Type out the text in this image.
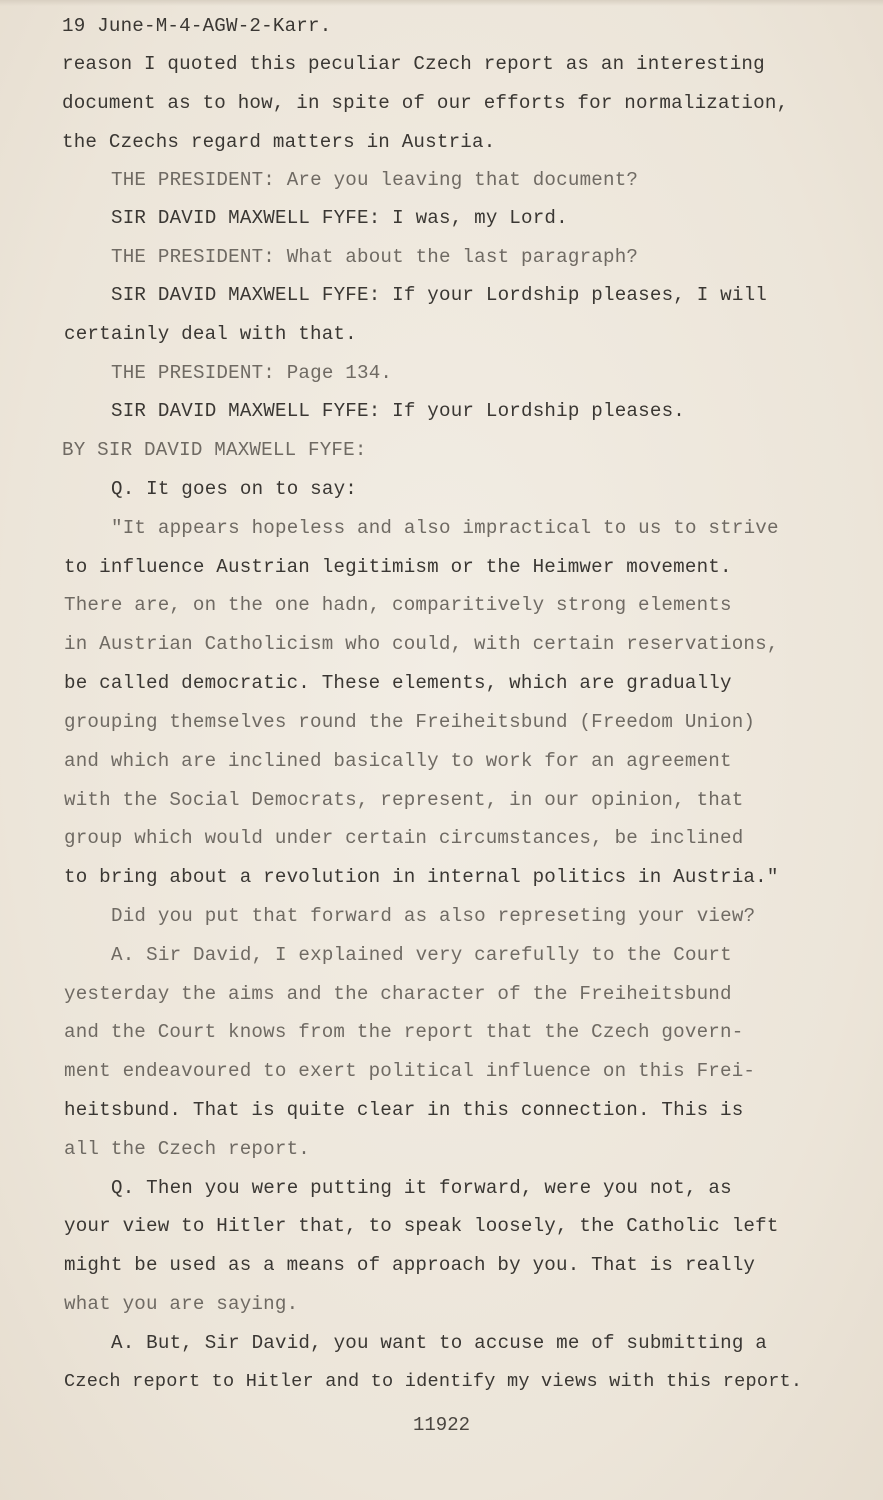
19 June-M-4-AGW-2-Karr.
reason I quoted this peculiar Czech report as an interesting
document as to how, in spite of our efforts for normalization,
the Czechs regard matters in Austria.
THE PRESIDENT: Are you leaving that document?
SIR DAVID MAXWELL FYFE: I was, my Lord.
THE PRESIDENT: What about the last paragraph?
SIR DAVID MAXWELL FYFE: If your Lordship pleases, I will
certainly deal with that.
THE PRESIDENT: Page 134.
SIR DAVID MAXWELL FYFE: If your Lordship pleases.
BY SIR DAVID MAXWELL FYFE:
Q. It goes on to say:
"It appears hopeless and also impractical to us to strive
to influence Austrian legitimism or the Heimwer movement.
There are, on the one hadn, comparitively strong elements
in Austrian Catholicism who could, with certain reservations,
be called democratic. These elements, which are gradually
grouping themselves round the Freiheitsbund (Freedom Union)
and which are inclined basically to work for an agreement
with the Social Democrats, represent, in our opinion, that
group which would under certain circumstances, be inclined
to bring about a revolution in internal politics in Austria."
Did you put that forward as also represeting your view?
A. Sir David, I explained very carefully to the Court
yesterday the aims and the character of the Freiheitsbund
and the Court knows from the report that the Czech govern-
ment endeavoured to exert political influence on this Frei-
heitsbund. That is quite clear in this connection. This is
all the Czech report.
Q. Then you were putting it forward, were you not, as
your view to Hitler that, to speak loosely, the Catholic left
might be used as a means of approach by you. That is really
what you are saying.
A. But, Sir David, you want to accuse me of submitting a
Czech report to Hitler and to identify my views with this report.
11922
